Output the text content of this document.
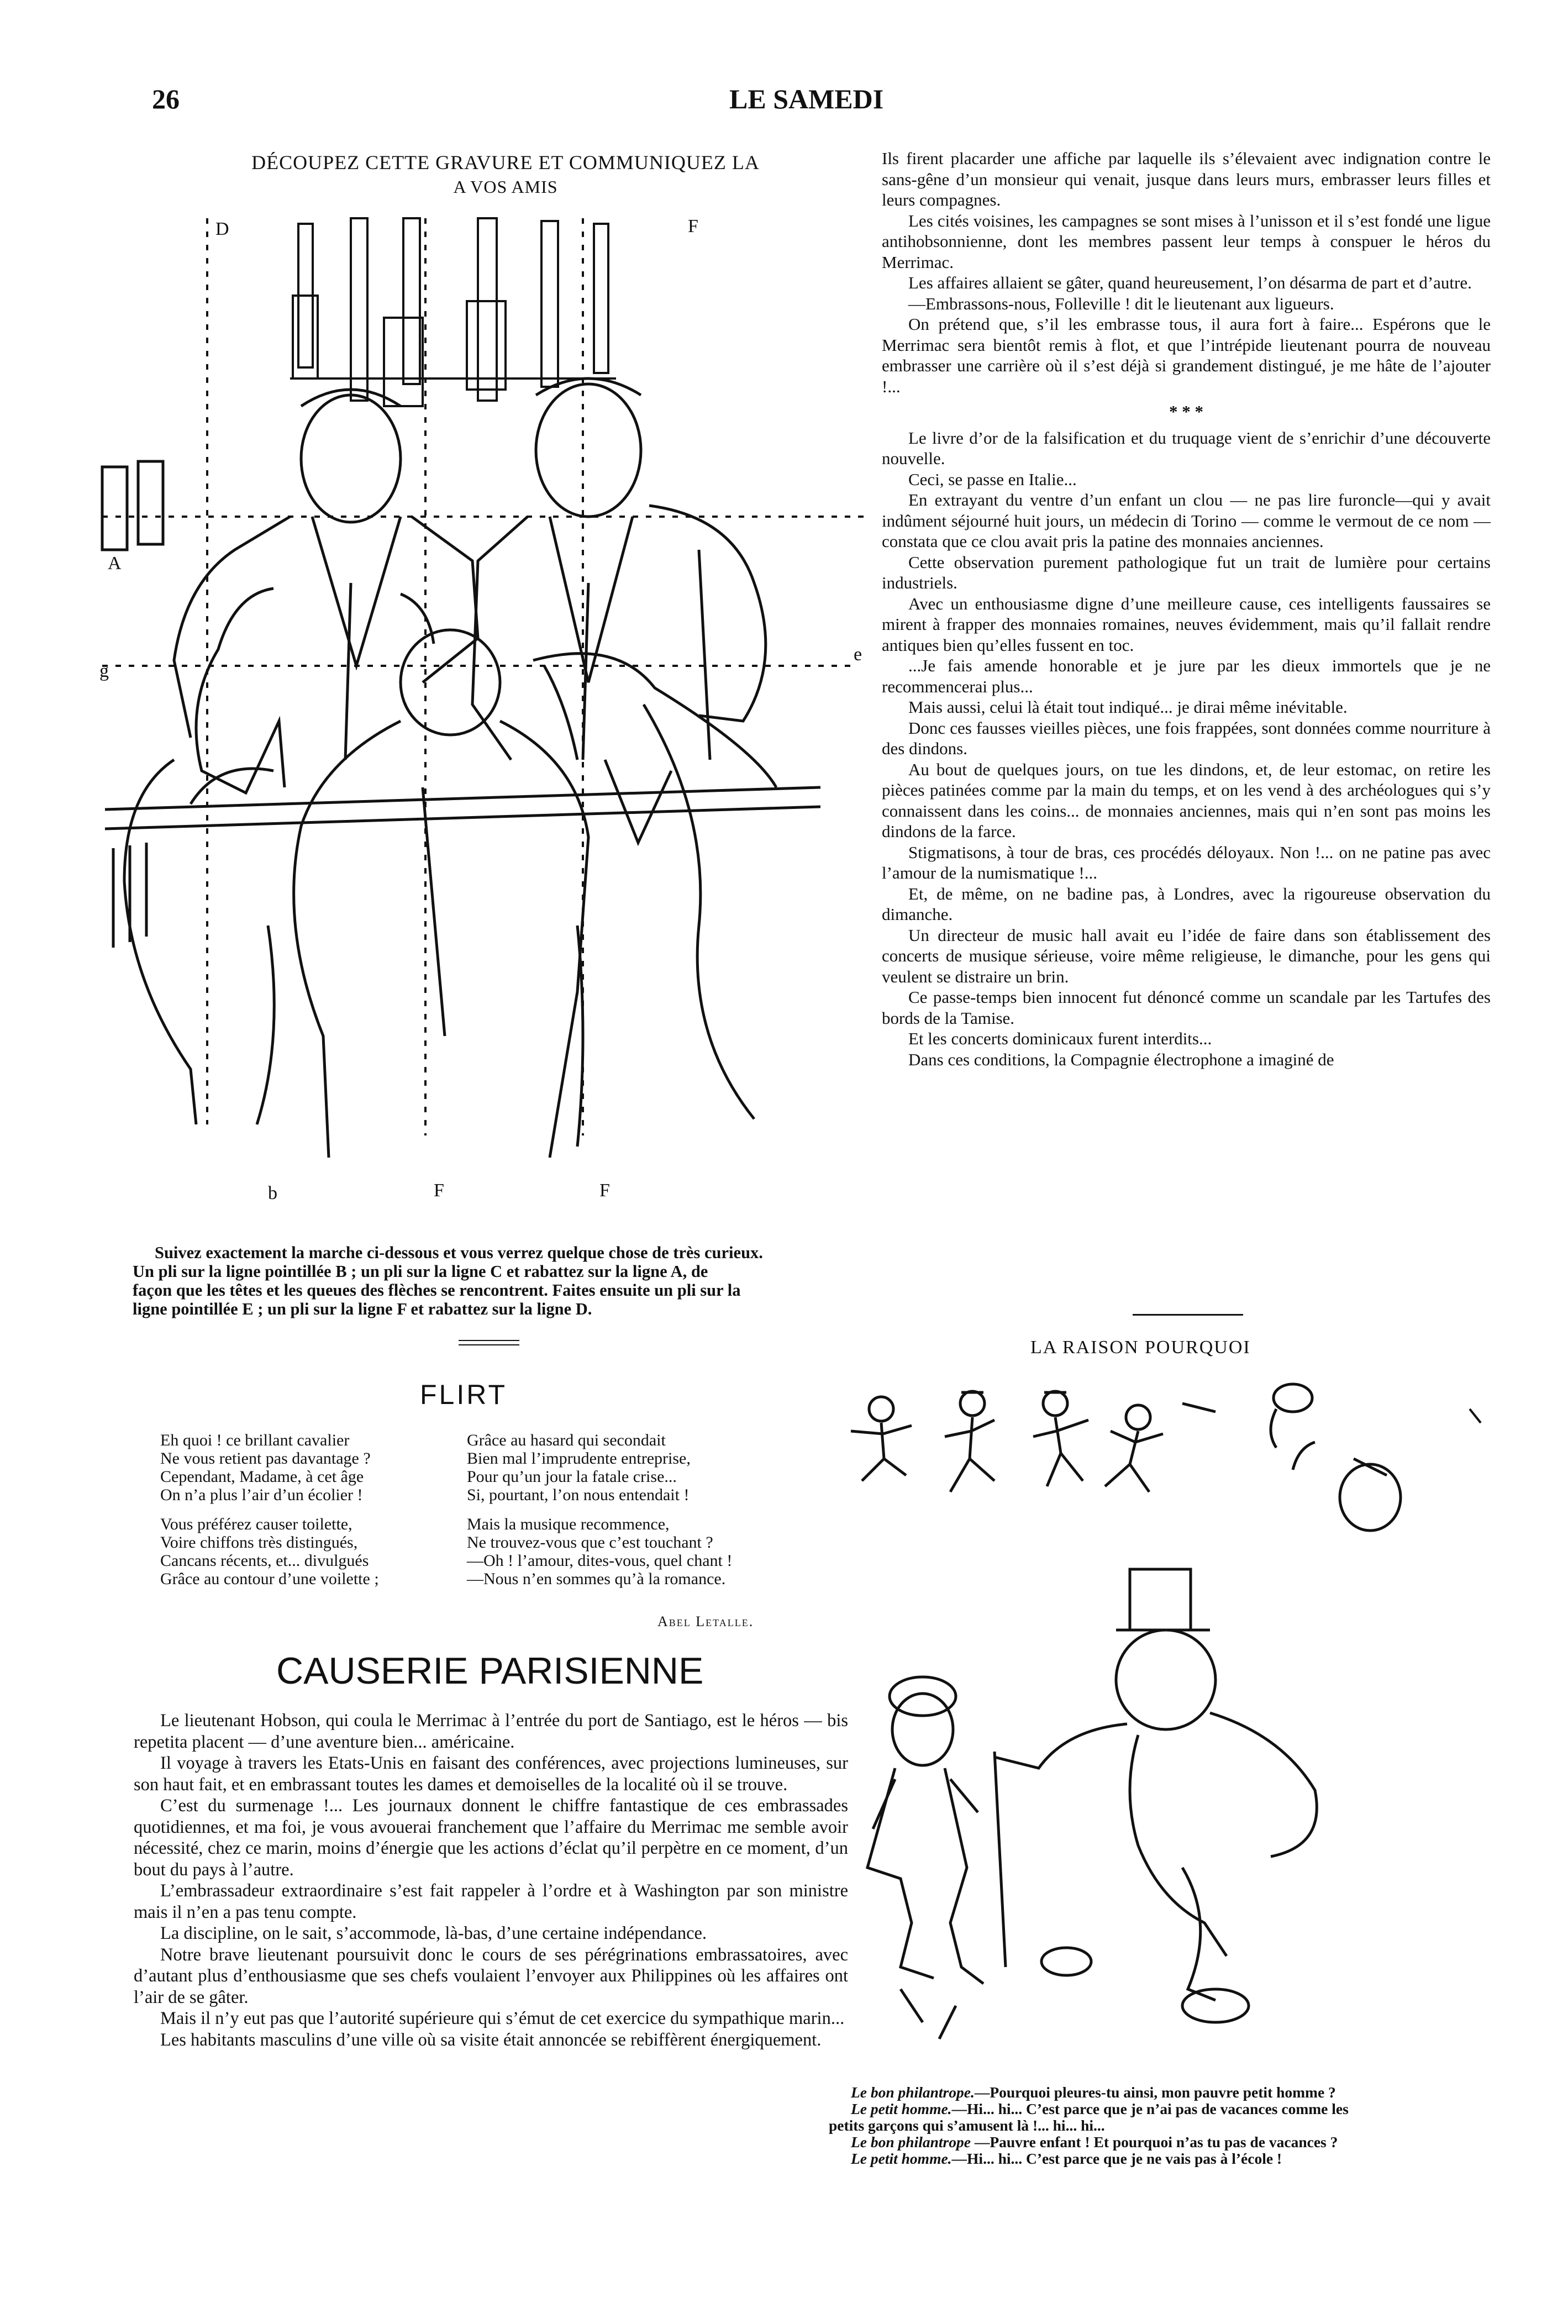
26	LE SAMEDI
DÉCOUPEZ CETTE GRAVURE ET COMMUNIQUEZ LA
A VOS AMIS
D	F
A
g
e
b	F	F
Suivez exactement la marche ci-dessous et vous verrez quelque chose de très curieux.
Un pli sur la ligne pointillée B ; un pli sur la ligne C et rabattez sur la ligne A, de
façon que les têtes et les queues des flèches se rencontrent. Faites ensuite un pli sur la
ligne pointillée E ; un pli sur la ligne F et rabattez sur la ligne D.
FLIRT
Eh quoi ! ce brillant cavalier
Ne vous retient pas davantage ?
Cependant, Madame, à cet âge
On n’a plus l’air d’un écolier !
Vous préférez causer toilette,
Voire chiffons très distingués,
Cancans récents, et... divulgués
Grâce au contour d’une voilette ;
Grâce au hasard qui secondait
Bien mal l’imprudente entreprise,
Pour qu’un jour la fatale crise...
Si, pourtant, l’on nous entendait !
Mais la musique recommence,
Ne trouvez-vous que c’est touchant ?
—Oh ! l’amour, dites-vous, quel chant !
—Nous n’en sommes qu’à la romance.
Abel Letalle.
CAUSERIE PARISIENNE

Le lieutenant Hobson, qui coula le Merrimac à l’entrée du port de Santiago, est le héros — bis repetita placent — d’une aventure bien... américaine.

Il voyage à travers les Etats-Unis en faisant des conférences, avec projections lumineuses, sur son haut fait, et en embrassant toutes les dames et demoiselles de la localité où il se trouve.

C’est du surmenage !... Les journaux donnent le chiffre fantastique de ces embrassades quotidiennes, et ma foi, je vous avouerai franchement que l’affaire du Merrimac me semble avoir nécessité, chez ce marin, moins d’énergie que les actions d’éclat qu’il perpètre en ce moment, d’un bout du pays à l’autre.

L’embrassadeur extraordinaire s’est fait rappeler à l’ordre et à Washington par son ministre mais il n’en a pas tenu compte.

La discipline, on le sait, s’accommode, là-bas, d’une certaine indépendance.

Notre brave lieutenant poursuivit donc le cours de ses pérégrinations embrassatoires, avec d’autant plus d’enthousiasme que ses chefs voulaient l’envoyer aux Philippines où les affaires ont l’air de se gâter.

Mais il n’y eut pas que l’autorité supérieure qui s’émut de cet exercice du sympathique marin...

Les habitants masculins d’une ville où sa visite était annoncée se rebiffèrent énergiquement.

Ils firent placarder une affiche par laquelle ils s’élevaient avec indignation contre le sans-gêne d’un monsieur qui venait, jusque dans leurs murs, embrasser leurs filles et leurs compagnes.

Les cités voisines, les campagnes se sont mises à l’unisson et il s’est fondé une ligue antihobsonnienne, dont les membres passent leur temps à conspuer le héros du Merrimac.

Les affaires allaient se gâter, quand heureusement, l’on désarma de part et d’autre.

—Embrassons-nous, Folleville ! dit le lieutenant aux ligueurs.

On prétend que, s’il les embrasse tous, il aura fort à faire... Espérons que le Merrimac sera bientôt remis à flot, et que l’intrépide lieutenant pourra de nouveau embrasser une carrière où il s’est déjà si grandement distingué, je me hâte de l’ajouter !...

* * *

Le livre d’or de la falsification et du truquage vient de s’enrichir d’une découverte nouvelle.

Ceci, se passe en Italie...

En extrayant du ventre d’un enfant un clou — ne pas lire furoncle—qui y avait indûment séjourné huit jours, un médecin di Torino — comme le vermout de ce nom — constata que ce clou avait pris la patine des monnaies anciennes.

Cette observation purement pathologique fut un trait de lumière pour certains industriels.

Avec un enthousiasme digne d’une meilleure cause, ces intelligents faussaires se mirent à frapper des monnaies romaines, neuves évidemment, mais qu’il fallait rendre antiques bien qu’elles fussent en toc.

...Je fais amende honorable et je jure par les dieux immortels que je ne recommencerai plus...

Mais aussi, celui là était tout indiqué... je dirai même inévitable.

Donc ces fausses vieilles pièces, une fois frappées, sont données comme nourriture à des dindons.

Au bout de quelques jours, on tue les dindons, et, de leur estomac, on retire les pièces patinées comme par la main du temps, et on les vend à des archéologues qui s’y connaissent dans les coins... de monnaies anciennes, mais qui n’en sont pas moins les dindons de la farce.

Stigmatisons, à tour de bras, ces procédés déloyaux. Non !... on ne patine pas avec l’amour de la numismatique !...

Et, de même, on ne badine pas, à Londres, avec la rigoureuse observation du dimanche.

Un directeur de music hall avait eu l’idée de faire dans son établissement des concerts de musique sérieuse, voire même religieuse, le dimanche, pour les gens qui veulent se distraire un brin.

Ce passe-temps bien innocent fut dénoncé comme un scandale par les Tartufes des bords de la Tamise.

Et les concerts dominicaux furent interdits...

Dans ces conditions, la Compagnie électrophone a imaginé de

LA RAISON POURQUOI
Le bon philantrope.—Pourquoi pleures-tu ainsi, mon pauvre petit homme ?
Le petit homme.—Hi... hi... C’est parce que je n’ai pas de vacances comme les
petits garçons qui s’amusent là !... hi... hi...
Le bon philantrope —Pauvre enfant ! Et pourquoi n’as tu pas de vacances ?
Le petit homme.—Hi... hi... C’est parce que je ne vais pas à l’école !
